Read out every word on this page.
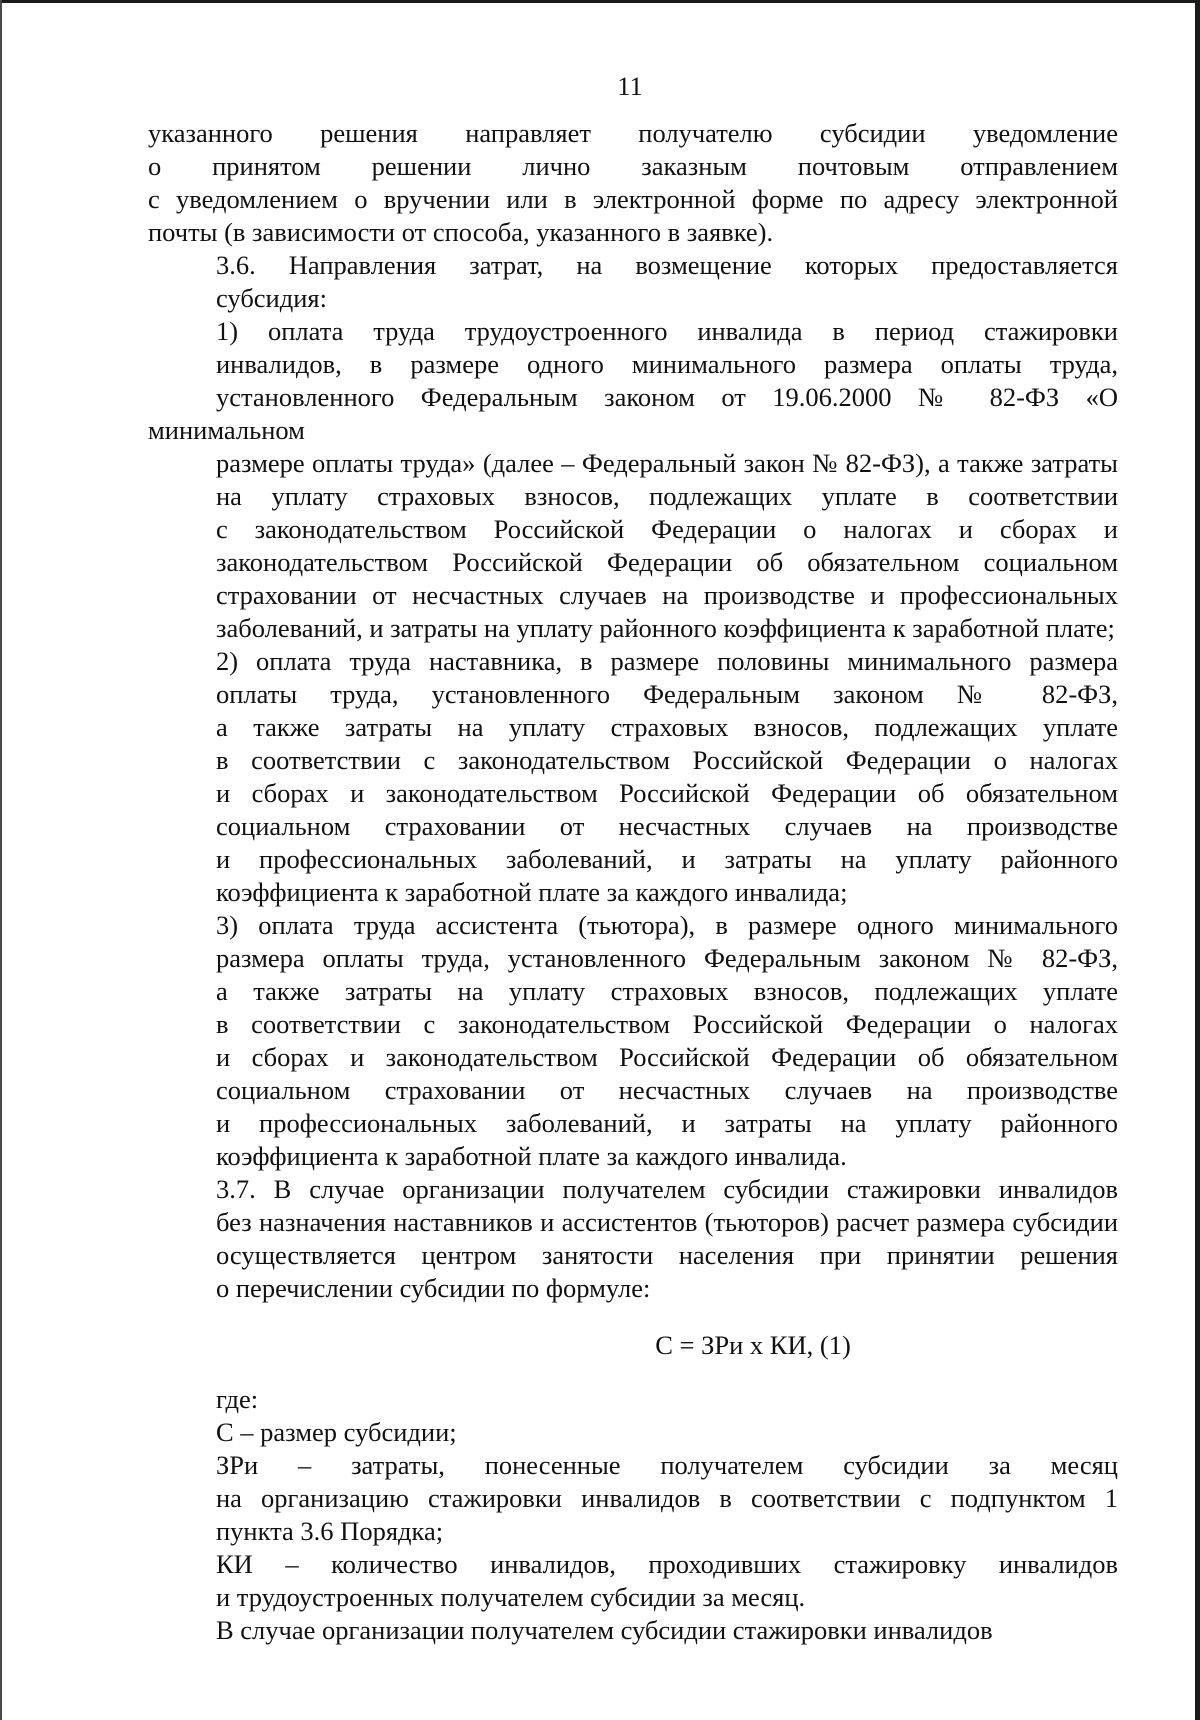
11

указанного решения направляет получателю субсидии уведомление
о принятом решении лично заказным почтовым отправлением
с уведомлением о вручении или в электронной форме по адресу электронной
почты (в зависимости от способа, указанного в заявке).

3.6. Направления затрат, на возмещение которых предоставляется
субсидия:

1) оплата труда трудоустроенного инвалида в период стажировки
инвалидов, в размере одного минимального размера оплаты труда,
установленного Федеральным законом от 19.06.2000 № 82-ФЗ «О минимальном
размере оплаты труда» (далее – Федеральный закон № 82-ФЗ), а также затраты
на уплату страховых взносов, подлежащих уплате в соответствии
с законодательством Российской Федерации о налогах и сборах и
законодательством Российской Федерации об обязательном социальном
страховании от несчастных случаев на производстве и профессиональных
заболеваний, и затраты на уплату районного коэффициента к заработной плате;

2) оплата труда наставника, в размере половины минимального размера
оплаты труда, установленного Федеральным законом № 82-ФЗ,
а также затраты на уплату страховых взносов, подлежащих уплате
в соответствии с законодательством Российской Федерации о налогах
и сборах и законодательством Российской Федерации об обязательном
социальном страховании от несчастных случаев на производстве
и профессиональных заболеваний, и затраты на уплату районного
коэффициента к заработной плате за каждого инвалида;

3) оплата труда ассистента (тьютора), в размере одного минимального
размера оплаты труда, установленного Федеральным законом № 82-ФЗ,
а также затраты на уплату страховых взносов, подлежащих уплате
в соответствии с законодательством Российской Федерации о налогах
и сборах и законодательством Российской Федерации об обязательном
социальном страховании от несчастных случаев на производстве
и профессиональных заболеваний, и затраты на уплату районного
коэффициента к заработной плате за каждого инвалида.

3.7. В случае организации получателем субсидии стажировки инвалидов
без назначения наставников и ассистентов (тьюторов) расчет размера субсидии
осуществляется центром занятости населения при принятии решения
о перечислении субсидии по формуле:

С = ЗРи x КИ, (1)

где:

С – размер субсидии;

ЗРи – затраты, понесенные получателем субсидии за месяц
на организацию стажировки инвалидов в соответствии с подпунктом 1
пункта 3.6 Порядка;

КИ – количество инвалидов, проходивших стажировку инвалидов
и трудоустроенных получателем субсидии за месяц.

В случае организации получателем субсидии стажировки инвалидов
